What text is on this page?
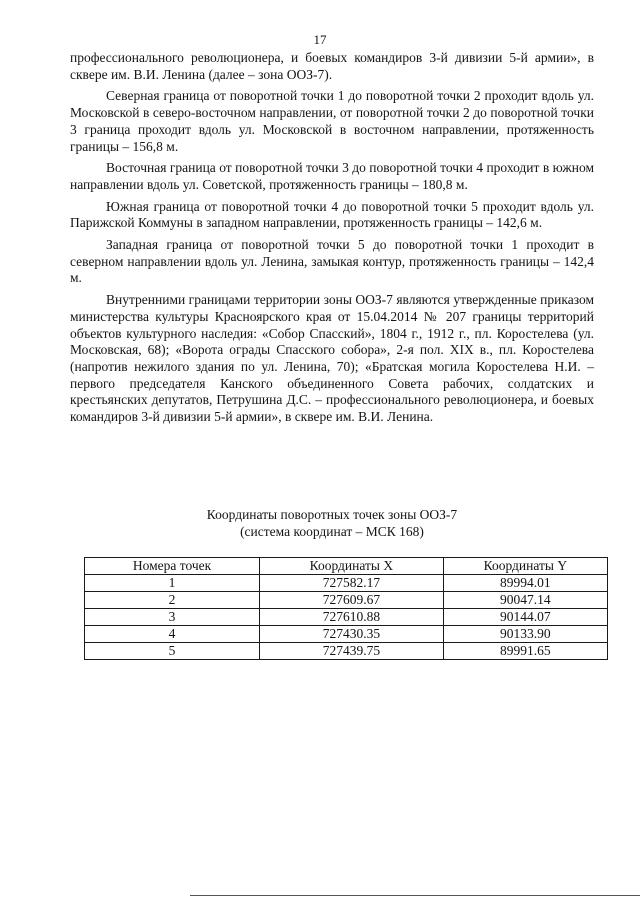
17

профессионального революционера, и боевых командиров 3-й дивизии 5-й армии», в сквере им. В.И. Ленина (далее – зона ООЗ-7).

Северная граница от поворотной точки 1 до поворотной точки 2 проходит вдоль ул. Московской в северо-восточном направлении, от поворотной точки 2 до поворотной точки 3 граница проходит вдоль ул. Московской в восточном направлении, протяженность границы – 156,8 м.

Восточная граница от поворотной точки 3 до поворотной точки 4 проходит в южном направлении вдоль ул. Советской, протяженность границы – 180,8 м.

Южная граница от поворотной точки 4 до поворотной точки 5 проходит вдоль ул. Парижской Коммуны в западном направлении, протяженность границы – 142,6 м.

Западная граница от поворотной точки 5 до поворотной точки 1 проходит в северном направлении вдоль ул. Ленина, замыкая контур, протяженность границы – 142,4 м.

Внутренними границами территории зоны ООЗ-7 являются утвержденные приказом министерства культуры Красноярского края от 15.04.2014 № 207 границы территорий объектов культурного наследия: «Собор Спасский», 1804 г., 1912 г., пл. Коростелева (ул. Московская, 68); «Ворота ограды Спасского собора», 2-я пол. XIX в., пл. Коростелева (напротив нежилого здания по ул. Ленина, 70); «Братская могила Коростелева Н.И. – первого председателя Канского объединенного Совета рабочих, солдатских и крестьянских депутатов, Петрушина Д.С. – профессионального революционера, и боевых командиров 3-й дивизии 5-й армии», в сквере им. В.И. Ленина.

Координаты поворотных точек зоны ООЗ-7
(система координат – МСК 168)
Номера точек	Координаты X	Координаты Y
1	727582.17	89994.01
2	727609.67	90047.14
3	727610.88	90144.07
4	727430.35	90133.90
5	727439.75	89991.65
